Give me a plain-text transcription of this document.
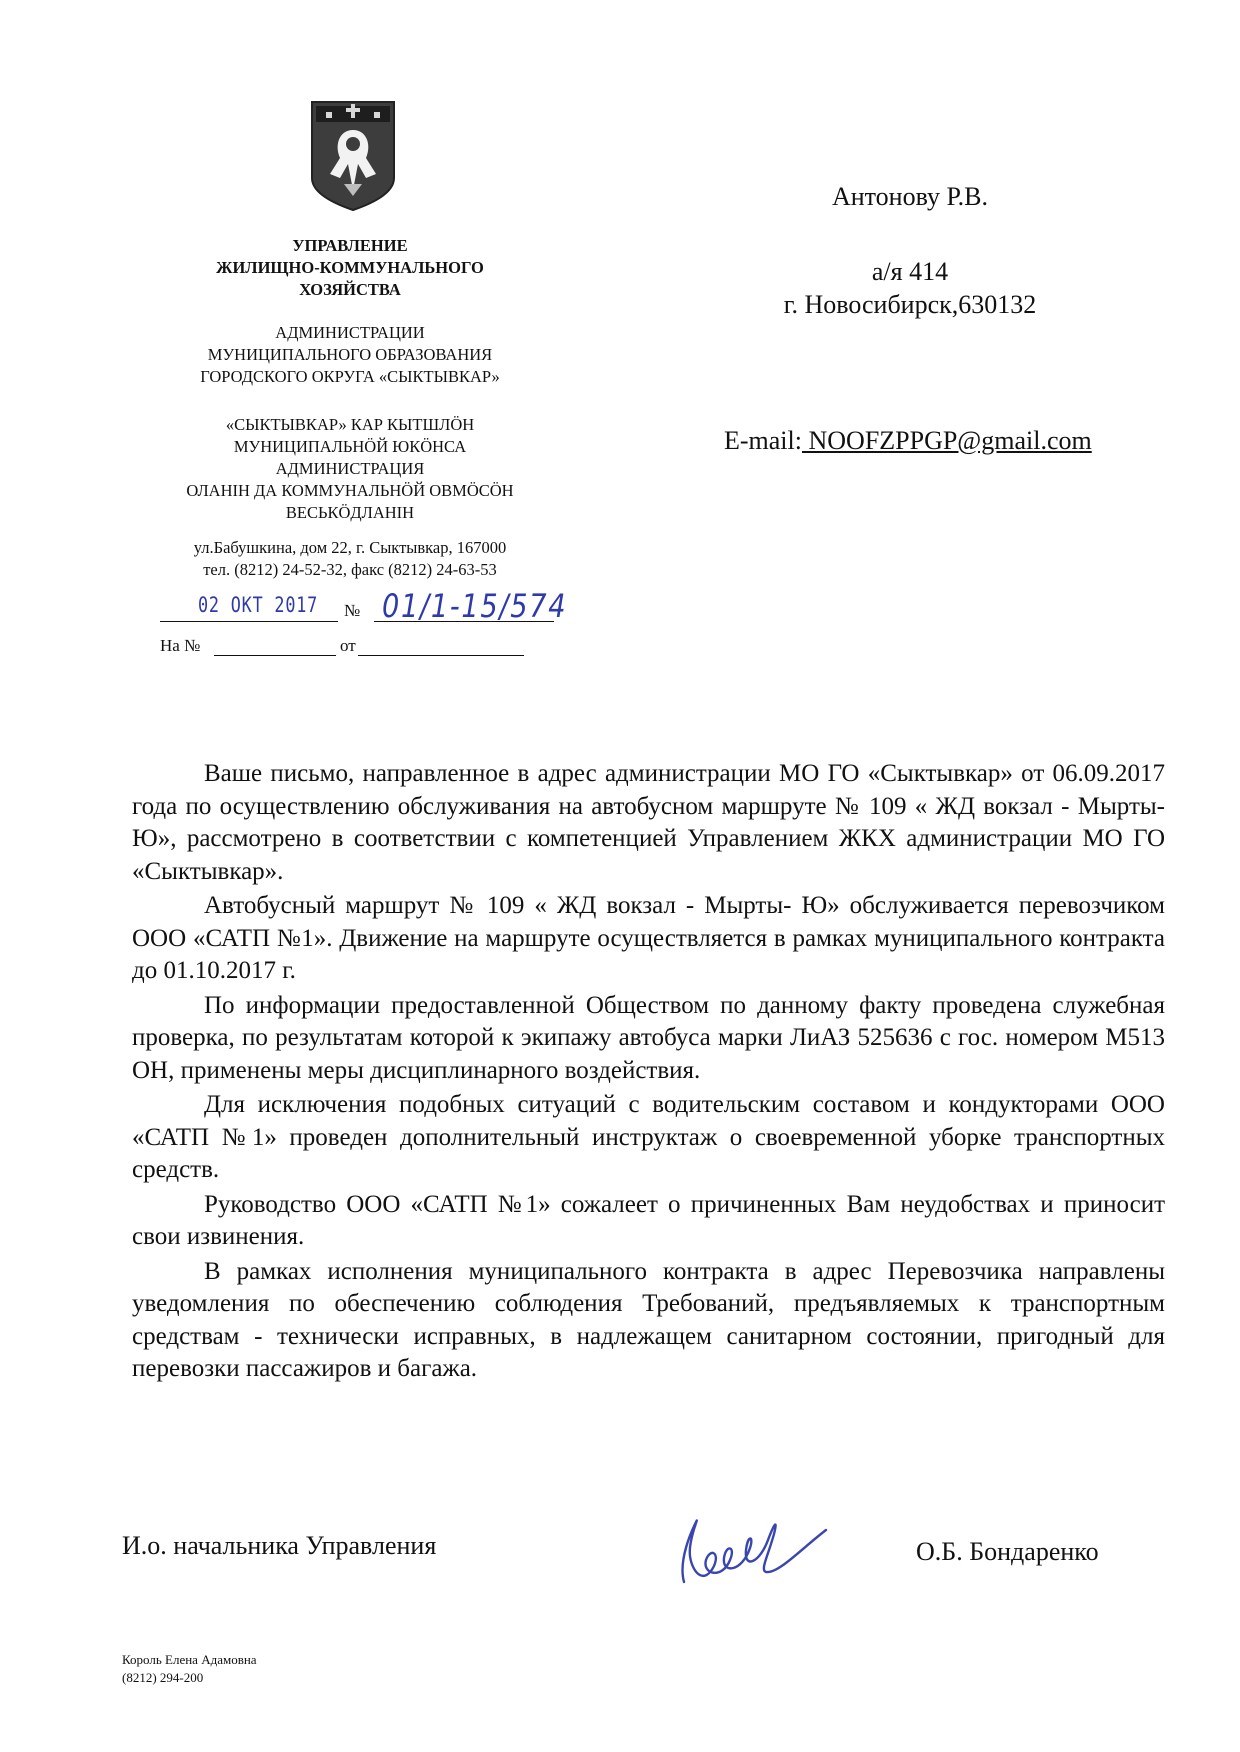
УПРАВЛЕНИЕ
ЖИЛИЩНО-КОММУНАЛЬНОГО
ХОЗЯЙСТВА
АДМИНИСТРАЦИИ
МУНИЦИПАЛЬНОГО ОБРАЗОВАНИЯ
ГОРОДСКОГО ОКРУГА «СЫКТЫВКАР»
«СЫКТЫВКАР» КАР КЫТШЛÖН
МУНИЦИПАЛЬНÖЙ ЮКÖНСА
АДМИНИСТРАЦИЯ
ОЛАНIН ДА КОММУНАЛЬНÖЙ ОВМÖСÖН
ВЕСЬКÖДЛАНIН
ул.Бабушкина, дом 22, г. Сыктывкар, 167000
тел. (8212) 24-52-32, факс (8212) 24-63-53
02 ОКТ 2017 № 01/1-15/574
На №	от
Антонову Р.В.
а/я 414
г. Новосибирск,630132
E-mail: NOOFZPPGP@gmail.com

Ваше письмо, направленное в адрес администрации МО ГО «Сыктывкар» от 06.09.2017 года по осуществлению обслуживания на автобусном маршруте № 109 « ЖД вокзал - Мырты- Ю», рассмотрено в соответствии с компетенцией Управлением ЖКХ администрации МО ГО «Сыктывкар».

Автобусный маршрут № 109 « ЖД вокзал - Мырты- Ю» обслуживается перевозчиком ООО «САТП №1». Движение на маршруте осуществляется в рамках муниципального контракта до 01.10.2017 г.

По информации предоставленной Обществом по данному факту проведена служебная проверка, по результатам которой к экипажу автобуса марки ЛиАЗ 525636 с гос. номером М513 ОН, применены меры дисциплинарного воздействия.

Для исключения подобных ситуаций с водительским составом и кондукторами ООО «САТП №1» проведен дополнительный инструктаж о своевременной уборке транспортных средств.

Руководство ООО «САТП №1» сожалеет о причиненных Вам неудобствах и приносит свои извинения.

В рамках исполнения муниципального контракта в адрес Перевозчика направлены уведомления по обеспечению соблюдения Требований, предъявляемых к транспортным средствам - технически исправных, в надлежащем санитарном состоянии, пригодный для перевозки пассажиров и багажа.

И.о. начальника Управления	О.Б. Бондаренко
Король Елена Адамовна
(8212) 294-200
